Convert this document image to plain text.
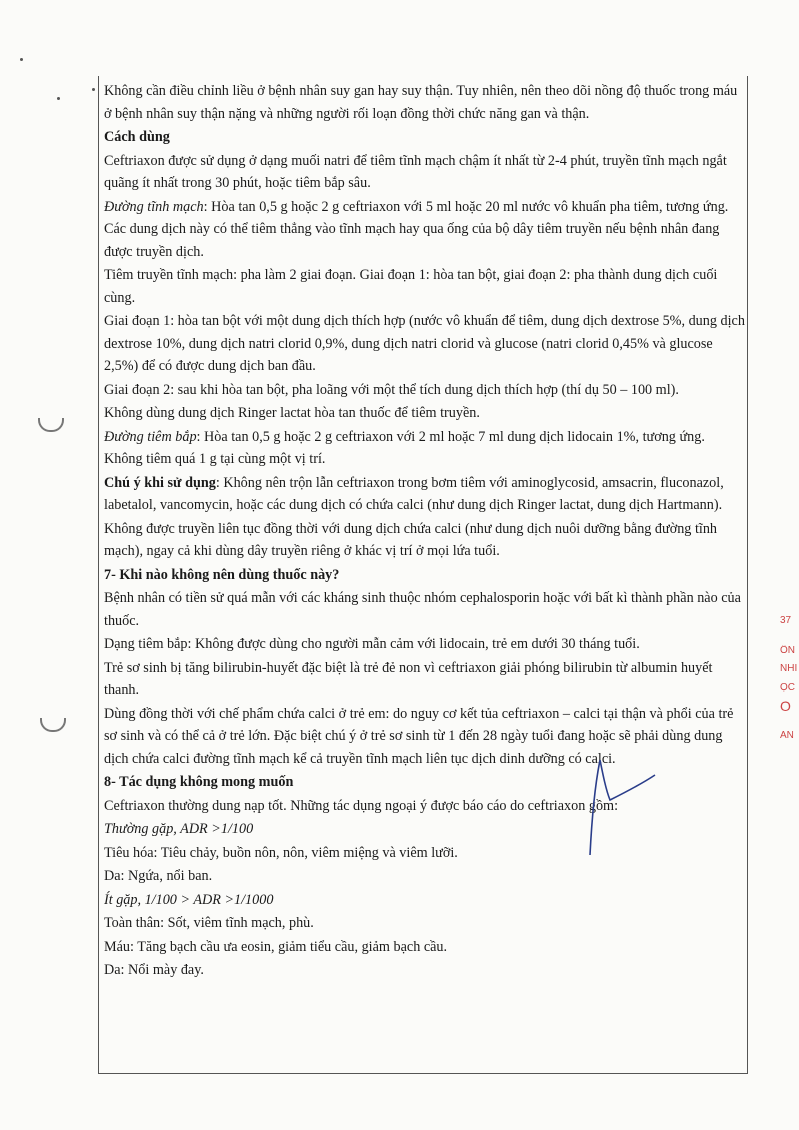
37
ỐN
NHI
ỌC
O
AN

Không cần điều chỉnh liều ở bệnh nhân suy gan hay suy thận. Tuy nhiên, nên theo dõi nồng độ thuốc trong máu ở bệnh nhân suy thận nặng và những người rối loạn đồng thời chức năng gan và thận.

Cách dùng

Ceftriaxon được sử dụng ở dạng muối natri để tiêm tĩnh mạch chậm ít nhất từ 2-4 phút, truyền tĩnh mạch ngắt quãng ít nhất trong 30 phút, hoặc tiêm bắp sâu.

Đường tĩnh mạch: Hòa tan 0,5 g hoặc 2 g ceftriaxon với 5 ml hoặc 20 ml nước vô khuẩn pha tiêm, tương ứng. Các dung dịch này có thể tiêm thẳng vào tĩnh mạch hay qua ống của bộ dây tiêm truyền nếu bệnh nhân đang được truyền dịch.

Tiêm truyền tĩnh mạch: pha làm 2 giai đoạn. Giai đoạn 1: hòa tan bột, giai đoạn 2: pha thành dung dịch cuối cùng.

Giai đoạn 1: hòa tan bột với một dung dịch thích hợp (nước vô khuẩn để tiêm, dung dịch dextrose 5%, dung dịch dextrose 10%, dung dịch natri clorid 0,9%, dung dịch natri clorid và glucose (natri clorid 0,45% và glucose 2,5%) để có được dung dịch ban đầu.

Giai đoạn 2: sau khi hòa tan bột, pha loãng với một thể tích dung dịch thích hợp (thí dụ 50 – 100 ml).

Không dùng dung dịch Ringer lactat hòa tan thuốc để tiêm truyền.

Đường tiêm bắp: Hòa tan 0,5 g hoặc 2 g ceftriaxon với 2 ml hoặc 7 ml dung dịch lidocain 1%, tương ứng. Không tiêm quá 1 g tại cùng một vị trí.

Chú ý khi sử dụng: Không nên trộn lẫn ceftriaxon trong bơm tiêm với aminoglycosid, amsacrin, fluconazol, labetalol, vancomycin, hoặc các dung dịch có chứa calci (như dung dịch Ringer lactat, dung dịch Hartmann).

Không được truyền liên tục đồng thời với dung dịch chứa calci (như dung dịch nuôi dưỡng bằng đường tĩnh mạch), ngay cả khi dùng dây truyền riêng ở khác vị trí ở mọi lứa tuổi.

7- Khi nào không nên dùng thuốc này?

Bệnh nhân có tiền sử quá mẫn với các kháng sinh thuộc nhóm cephalosporin hoặc với bất kì thành phần nào của thuốc.

Dạng tiêm bắp: Không được dùng cho người mẫn cảm với lidocain, trẻ em dưới 30 tháng tuổi.

Trẻ sơ sinh bị tăng bilirubin-huyết đặc biệt là trẻ đẻ non vì ceftriaxon giải phóng bilirubin từ albumin huyết thanh.

Dùng đồng thời với chế phẩm chứa calci ở trẻ em: do nguy cơ kết tủa ceftriaxon – calci tại thận và phổi của trẻ sơ sinh và có thể cả ở trẻ lớn. Đặc biệt chú ý ở trẻ sơ sinh từ 1 đến 28 ngày tuổi đang hoặc sẽ phải dùng dung dịch chứa calci đường tĩnh mạch kể cả truyền tĩnh mạch liên tục dịch dinh dưỡng có calci.

8- Tác dụng không mong muốn

Ceftriaxon thường dung nạp tốt. Những tác dụng ngoại ý được báo cáo do ceftriaxon gồm:

Thường gặp, ADR >1/100

Tiêu hóa: Tiêu chảy, buồn nôn, nôn, viêm miệng và viêm lưỡi.

Da: Ngứa, nổi ban.

Ít gặp, 1/100 > ADR >1/1000

Toàn thân: Sốt, viêm tĩnh mạch, phù.

Máu: Tăng bạch cầu ưa eosin, giảm tiểu cầu, giảm bạch cầu.

Da: Nổi mày đay.
